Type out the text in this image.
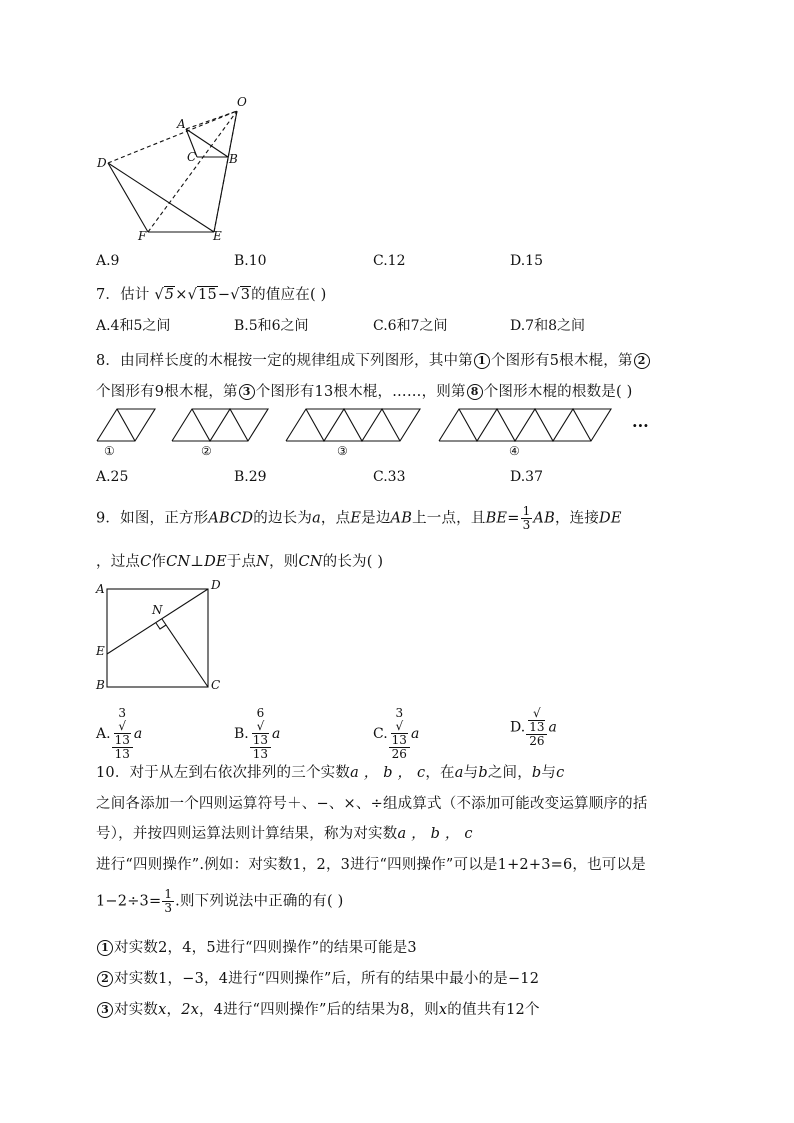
O
A
C	B
D
F	E
A.9	B.10	C.12	D.15
7．估计 √5×√15−√3的值应在( )
A.4和5之间	B.5和6之间	C.6和7之间	D.7和8之间
8．由同样长度的木棍按一定的规律组成下列图形，其中第 1 个图形有5根木棍，第 2
个图形有9根木棍，第 3 个图形有13根木棍，……，则第 8 个图形木棍的根数是( )
①	②	③	④
···
A.25	B.29	C.33	D.37
9．如图，正方形ABCD的边长为a，点E是边AB上一点，且$BE= \frac{1}{3}$ AB，连接DE
，过点C作CN⊥DE于点N，则CN的长为( )
A	D
N
E
B	C
A. 3
√
13
13 a	B. 6
√
13
13 a	C. 3
√
13
26 a	D. √
13
26 a
10．对于从左到右依次排列的三个实数a ， b ， c，在a与b之间，b与c
之间各添加一个四则运算符号＋、−、×、÷组成算式（不添加可能改变运算顺序的括
号），并按四则运算法则计算结果，称为对实数a ， b ， c
进行“四则操作”.例如：对实数1，2，3进行“四则操作”可以是1+2+3=6，也可以是
$1-2\div 3= \frac{1}{3}$ .则下列说法中正确的有( )
1 对实数2，4，5进行“四则操作”的结果可能是3
2 对实数1，−3，4进行“四则操作”后，所有的结果中最小的是−12
3 对实数x，2x，4进行“四则操作”后的结果为8，则x的值共有12个
